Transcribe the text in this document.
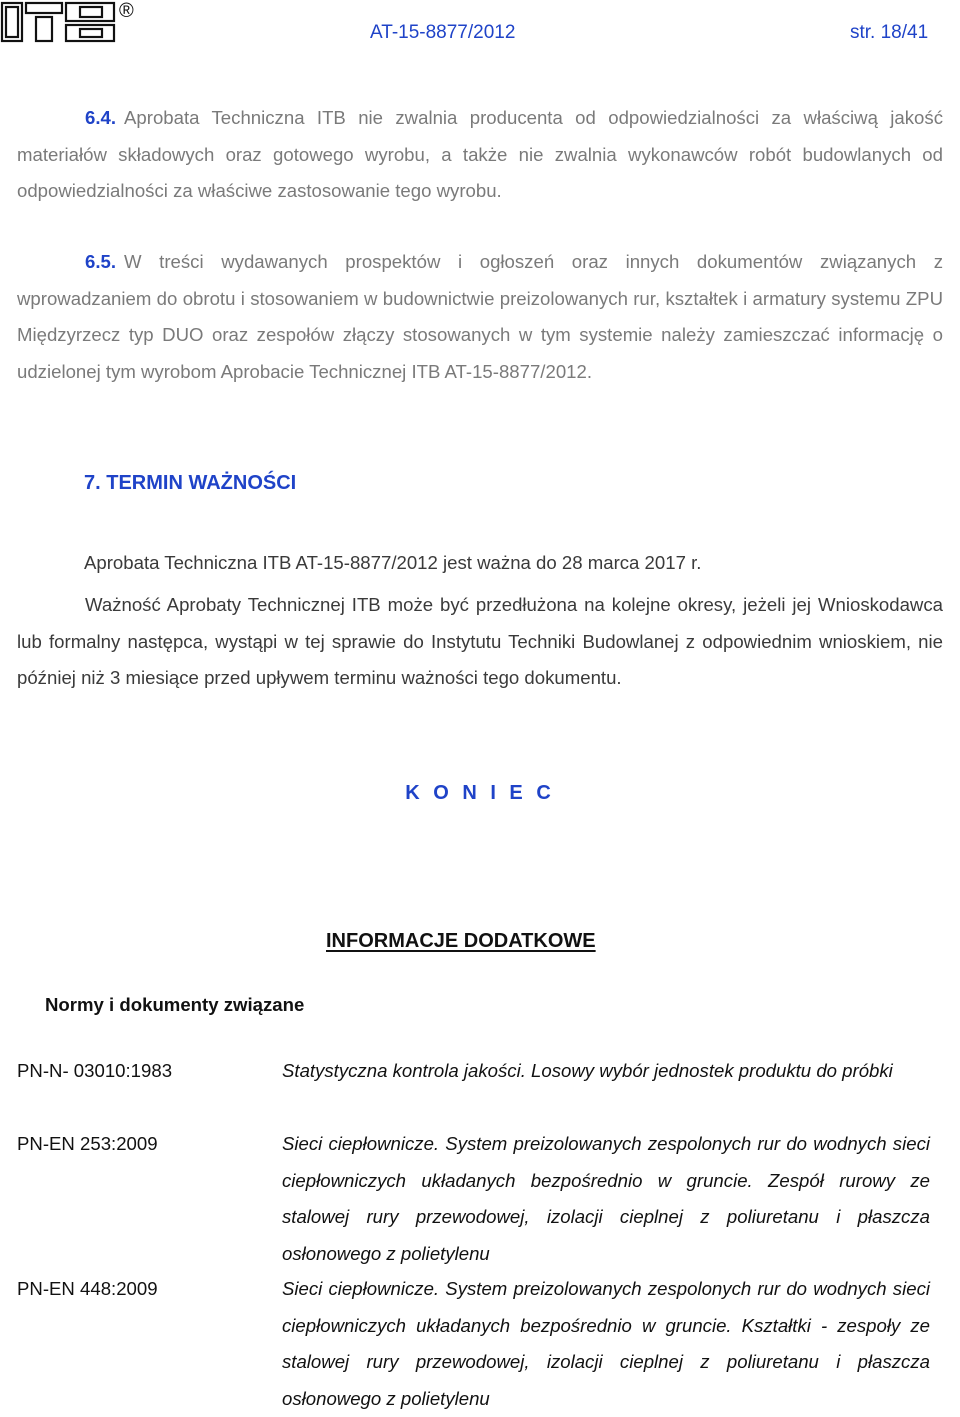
®
AT-15-8877/2012	str. 18/41
6.4. Aprobata Techniczna ITB nie zwalnia producenta od odpowiedzialności za właściwą jakość materiałów składowych oraz gotowego wyrobu, a także nie zwalnia wykonawców robót budowlanych od odpowiedzialności za właściwe zastosowanie tego wyrobu.
6.5. W treści wydawanych prospektów i ogłoszeń oraz innych dokumentów związanych z wprowadzaniem do obrotu i stosowaniem w budownictwie preizolowanych rur, kształtek i armatury systemu ZPU Międzyrzecz typ DUO oraz zespołów złączy stosowanych w tym systemie należy zamieszczać informację o udzielonej tym wyrobom Aprobacie Technicznej ITB AT-15-8877/2012.
7. TERMIN WAŻNOŚCI
Aprobata Techniczna ITB AT-15-8877/2012 jest ważna do 28 marca 2017 r.
Ważność Aprobaty Technicznej ITB może być przedłużona na kolejne okresy, jeżeli jej Wnioskodawca lub formalny następca, wystąpi w tej sprawie do Instytutu Techniki Budowlanej z odpowiednim wnioskiem, nie później niż 3 miesiące przed upływem terminu ważności tego dokumentu.
K O N I E C
INFORMACJE DODATKOWE
Normy i dokumenty związane
PN-N- 03010:1983	Statystyczna kontrola jakości. Losowy wybór jednostek produktu do próbki
PN-EN 253:2009	Sieci ciepłownicze. System preizolowanych zespolonych rur do wodnych sieci ciepłowniczych układanych bezpośrednio w gruncie. Zespół rurowy ze stalowej rury przewodowej, izolacji cieplnej z poliuretanu i płaszcza osłonowego z polietylenu
PN-EN 448:2009	Sieci ciepłownicze. System preizolowanych zespolonych rur do wodnych sieci ciepłowniczych układanych bezpośrednio w gruncie. Kształtki - zespoły ze stalowej rury przewodowej, izolacji cieplnej z poliuretanu i płaszcza osłonowego z polietylenu
